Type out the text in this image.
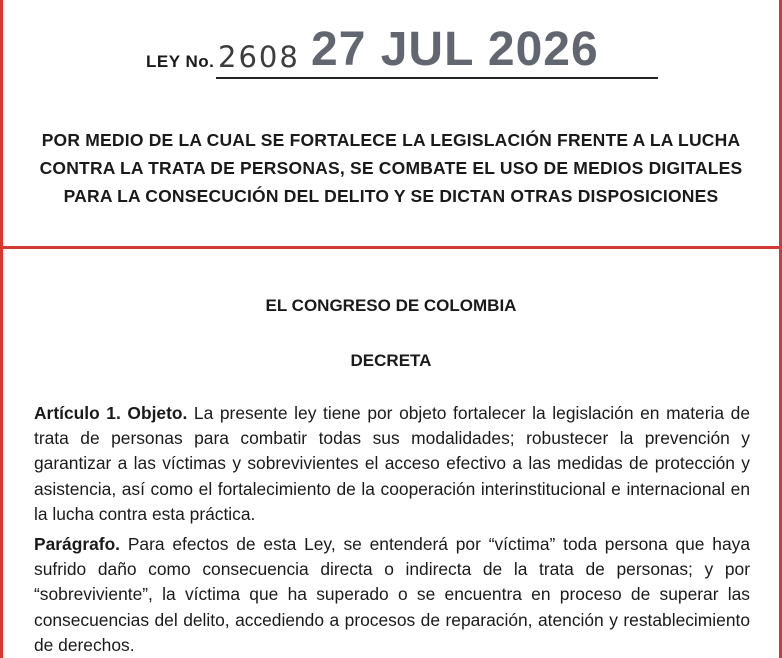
LEY No. 2608 27 JUL 2026
POR MEDIO DE LA CUAL SE FORTALECE LA LEGISLACIÓN FRENTE A LA LUCHA CONTRA LA TRATA DE PERSONAS, SE COMBATE EL USO DE MEDIOS DIGITALES PARA LA CONSECUCIÓN DEL DELITO Y SE DICTAN OTRAS DISPOSICIONES
EL CONGRESO DE COLOMBIA
DECRETA
Artículo 1. Objeto. La presente ley tiene por objeto fortalecer la legislación en materia de trata de personas para combatir todas sus modalidades; robustecer la prevención y garantizar a las víctimas y sobrevivientes el acceso efectivo a las medidas de protección y asistencia, así como el fortalecimiento de la cooperación interinstitucional e internacional en la lucha contra esta práctica.
Parágrafo. Para efectos de esta Ley, se entenderá por “víctima” toda persona que haya sufrido daño como consecuencia directa o indirecta de la trata de personas; y por “sobreviviente”, la víctima que ha superado o se encuentra en proceso de superar las consecuencias del delito, accediendo a procesos de reparación, atención y restablecimiento de derechos.
